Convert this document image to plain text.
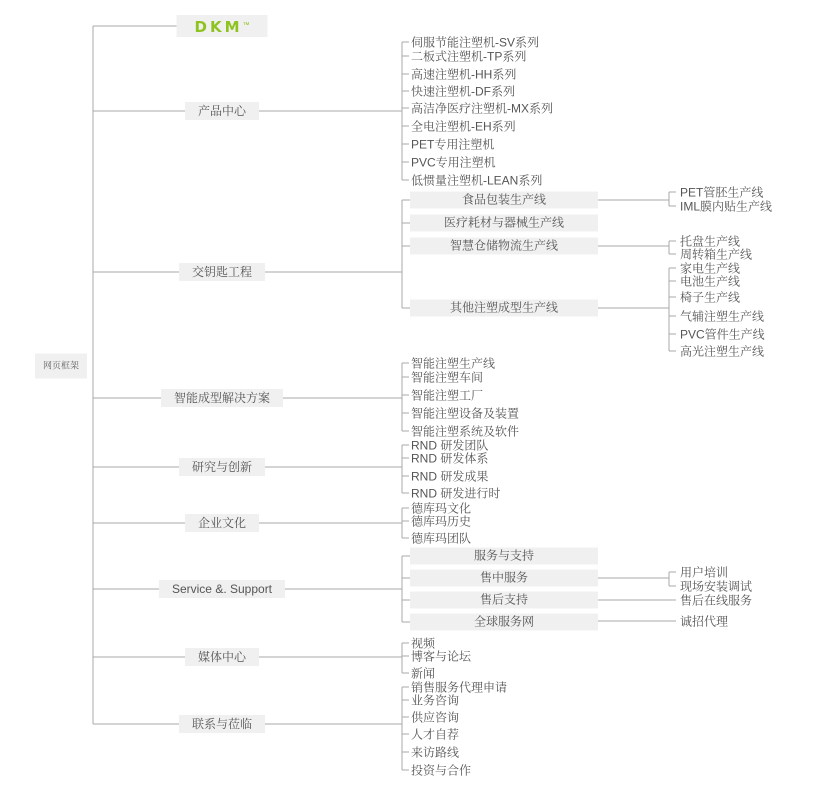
网页框架
DKM™
产品中心
伺服节能注塑机-SV系列
二板式注塑机-TP系列
高速注塑机-HH系列
快速注塑机-DF系列
高洁净医疗注塑机-MX系列
全电注塑机-EH系列
PET专用注塑机
PVC专用注塑机
低惯量注塑机-LEAN系列
交钥匙工程
食品包装生产线	PET管胚生产线
IML膜内贴生产线
医疗耗材与器械生产线
智慧仓储物流生产线	托盘生产线
周转箱生产线
其他注塑成型生产线
家电生产线
电池生产线
椅子生产线
气辅注塑生产线
PVC管件生产线
高光注塑生产线
智能成型解决方案
智能注塑生产线
智能注塑车间
智能注塑工厂
智能注塑设备及装置
智能注塑系统及软件
研究与创新
RND 研发团队
RND 研发体系
RND 研发成果
RND 研发进行时
企业文化
德库玛文化
德库玛历史
德库玛团队
Service &. Support
服务与支持
售中服务	用户培训
现场安装调试
售后支持	售后在线服务
全球服务网	诚招代理
媒体中心
视频
博客与论坛
新闻
联系与莅临
销售服务代理申请
业务咨询
供应咨询
人才自荐
来访路线
投资与合作
